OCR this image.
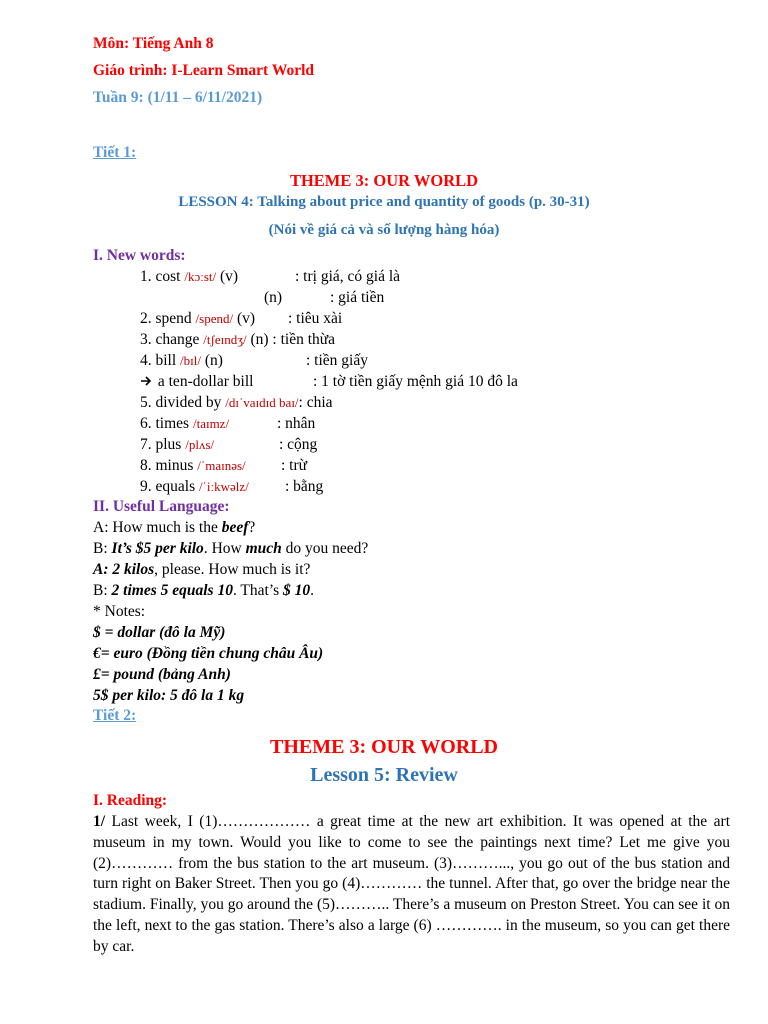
Môn: Tiếng Anh 8
Giáo trình: I-Learn Smart World
Tuần 9: (1/11 – 6/11/2021)
Tiết 1:
THEME 3: OUR WORLD
LESSON 4: Talking about price and quantity of goods (p. 30-31)
(Nói về giá cả và số lượng hàng hóa)
I. New words:
1. cost /kɔːst/ (v)	: trị giá, có giá là
(n)	: giá tiền
2. spend /spend/ (v) : tiêu xài
3. change /tʃeɪndʒ/ (n) : tiền thừa
4. bill /bɪl/ (n)	: tiền giấy
a ten-dollar bill	: 1 tờ tiền giấy mệnh giá 10 đô la
5. divided by /dɪˈvaɪdɪd baɪ/: chia
6. times /taɪmz/	: nhân
7. plus /plʌs/	: cộng
8. minus /ˈmaɪnəs/ : trừ
9. equals /ˈiːkwəlz/ : bằng
II. Useful Language:
A: How much is the beef?
B: It’s $5 per kilo. How much do you need?
A: 2 kilos, please. How much is it?
B: 2 times 5 equals 10. That’s $ 10.
* Notes:
$ = dollar (đô la Mỹ)
€= euro (Đồng tiền chung châu Âu)
£= pound (bảng Anh)
5$ per kilo: 5 đô la 1 kg
Tiết 2:
THEME 3: OUR WORLD
Lesson 5: Review
I. Reading:
1/ Last week, I (1)……………… a great time at the new art exhibition. It was opened at the art museum in my town. Would you like to come to see the paintings next time? Let me give you (2)………… from the bus station to the art museum. (3)………..., you go out of the bus station and turn right on Baker Street. Then you go (4)………… the tunnel. After that, go over the bridge near the stadium. Finally, you go around the (5)……….. There’s a museum on Preston Street. You can see it on the left, next to the gas station. There’s also a large (6) …………. in the museum, so you can get there by car.
